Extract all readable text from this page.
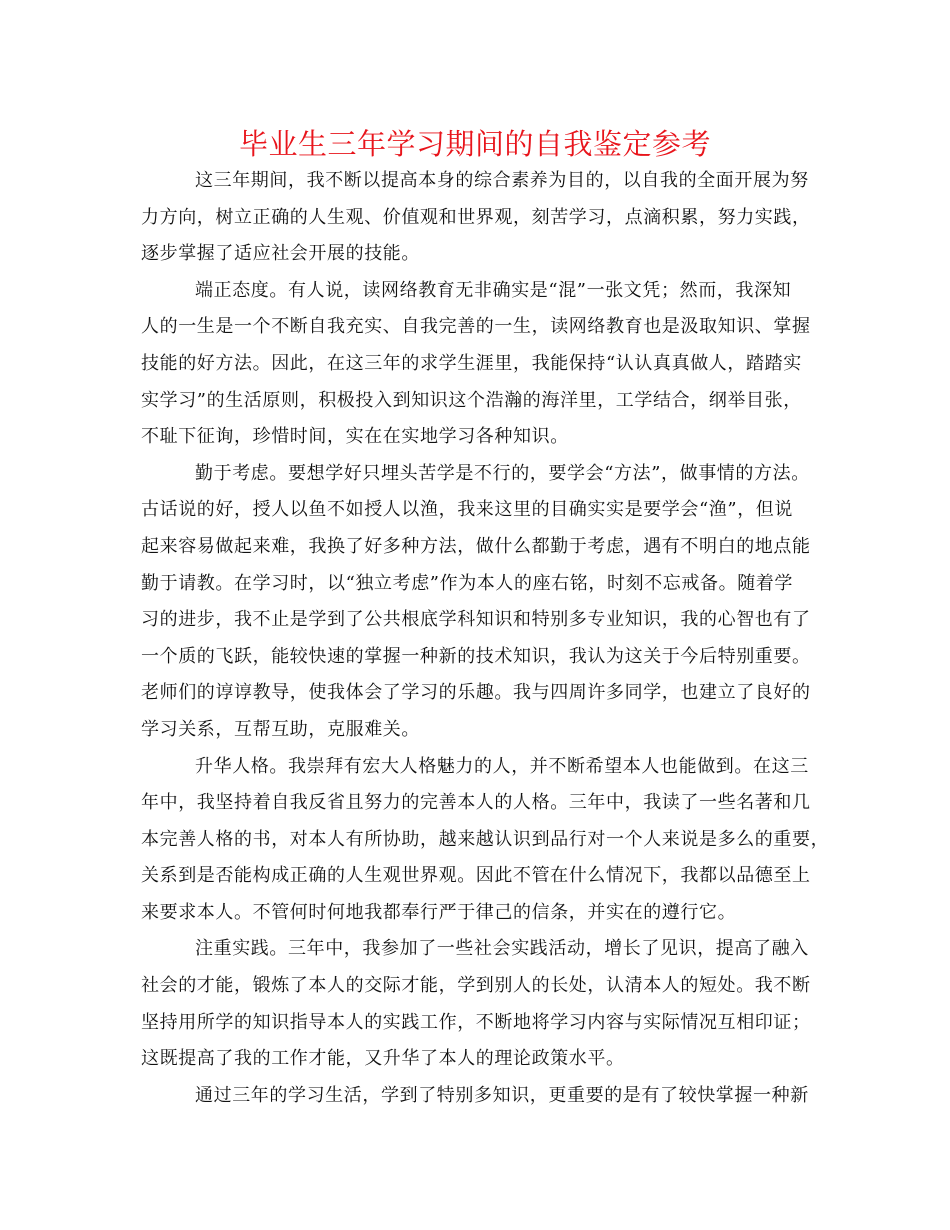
毕业生三年学习期间的自我鉴定参考
这三年期间，我不断以提高本身的综合素养为目的，以自我的全面开展为努
力方向，树立正确的人生观、价值观和世界观，刻苦学习，点滴积累，努力实践，
逐步掌握了适应社会开展的技能。
端正态度。有人说，读网络教育无非确实是“混”一张文凭；然而，我深知
人的一生是一个不断自我充实、自我完善的一生，读网络教育也是汲取知识、掌握
技能的好方法。因此，在这三年的求学生涯里，我能保持“认认真真做人，踏踏实
实学习”的生活原则，积极投入到知识这个浩瀚的海洋里，工学结合，纲举目张，
不耻下征询，珍惜时间，实在在实地学习各种知识。
勤于考虑。要想学好只埋头苦学是不行的，要学会“方法”，做事情的方法。
古话说的好，授人以鱼不如授人以渔，我来这里的目确实实是要学会“渔”，但说
起来容易做起来难，我换了好多种方法，做什么都勤于考虑，遇有不明白的地点能
勤于请教。在学习时，以“独立考虑”作为本人的座右铭，时刻不忘戒备。随着学
习的进步，我不止是学到了公共根底学科知识和特别多专业知识，我的心智也有了
一个质的飞跃，能较快速的掌握一种新的技术知识，我认为这关于今后特别重要。
老师们的谆谆教导，使我体会了学习的乐趣。我与四周许多同学，也建立了良好的
学习关系，互帮互助，克服难关。
升华人格。我崇拜有宏大人格魅力的人，并不断希望本人也能做到。在这三
年中，我坚持着自我反省且努力的完善本人的人格。三年中，我读了一些名著和几
本完善人格的书，对本人有所协助，越来越认识到品行对一个人来说是多么的重要，
关系到是否能构成正确的人生观世界观。因此不管在什么情况下，我都以品德至上
来要求本人。不管何时何地我都奉行严于律己的信条，并实在的遵行它。
注重实践。三年中，我参加了一些社会实践活动，增长了见识，提高了融入
社会的才能，锻炼了本人的交际才能，学到别人的长处，认清本人的短处。我不断
坚持用所学的知识指导本人的实践工作，不断地将学习内容与实际情况互相印证；
这既提高了我的工作才能，又升华了本人的理论政策水平。
通过三年的学习生活，学到了特别多知识，更重要的是有了较快掌握一种新
